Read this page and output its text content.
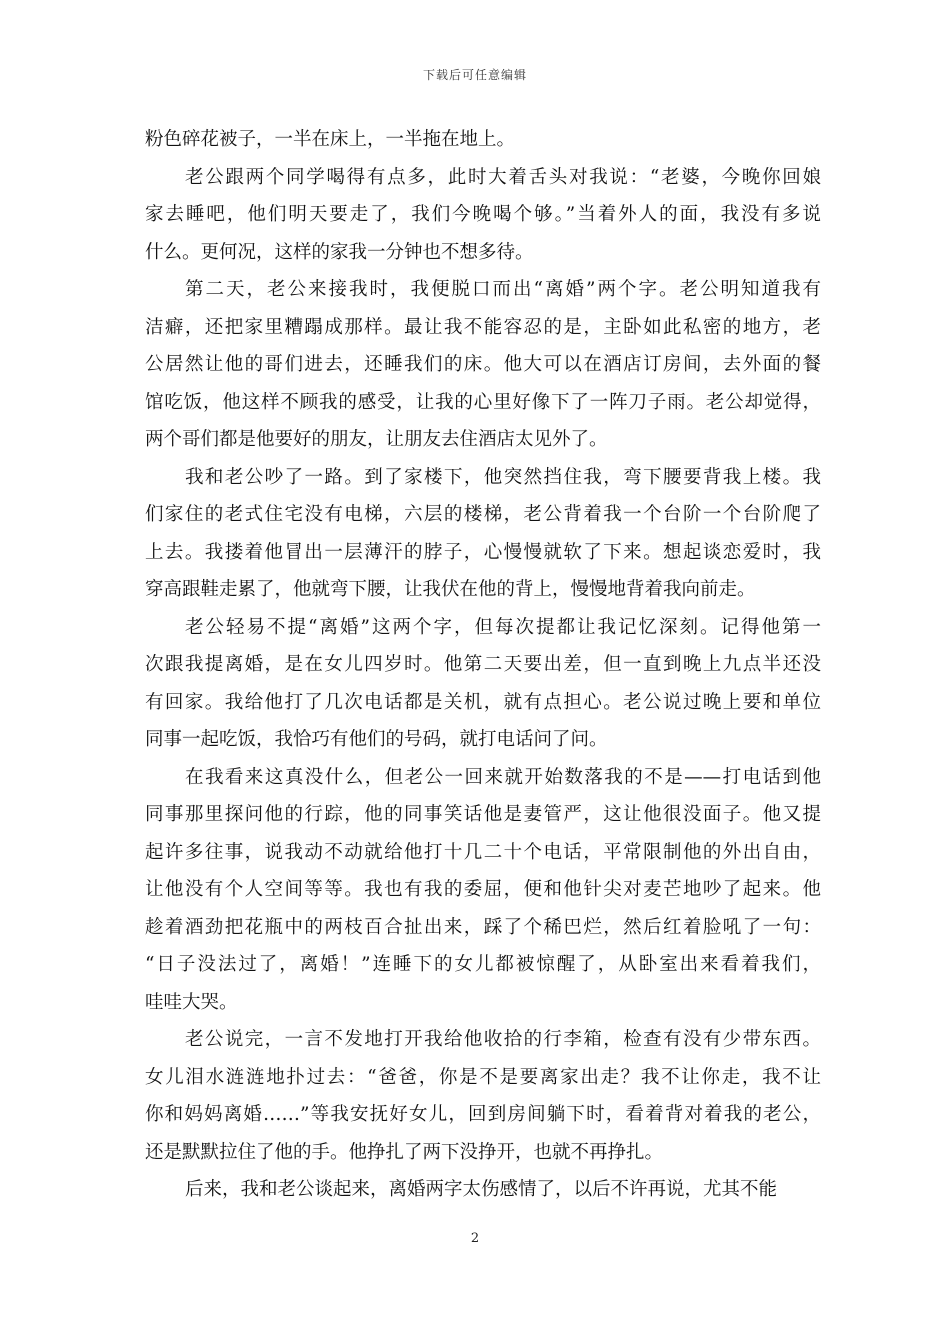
下载后可任意编辑
粉色碎花被子，一半在床上，一半拖在地上。
老公跟两个同学喝得有点多，此时大着舌头对我说：“老婆，今晚你回娘
家去睡吧，他们明天要走了，我们今晚喝个够。”当着外人的面，我没有多说
什么。更何况，这样的家我一分钟也不想多待。
第二天，老公来接我时，我便脱口而出“离婚”两个字。老公明知道我有
洁癖，还把家里糟蹋成那样。最让我不能容忍的是，主卧如此私密的地方，老
公居然让他的哥们进去，还睡我们的床。他大可以在酒店订房间，去外面的餐
馆吃饭，他这样不顾我的感受，让我的心里好像下了一阵刀子雨。老公却觉得，
两个哥们都是他要好的朋友，让朋友去住酒店太见外了。
我和老公吵了一路。到了家楼下，他突然挡住我，弯下腰要背我上楼。我
们家住的老式住宅没有电梯，六层的楼梯，老公背着我一个台阶一个台阶爬了
上去。我搂着他冒出一层薄汗的脖子，心慢慢就软了下来。想起谈恋爱时，我
穿高跟鞋走累了，他就弯下腰，让我伏在他的背上，慢慢地背着我向前走。
老公轻易不提“离婚”这两个字，但每次提都让我记忆深刻。记得他第一
次跟我提离婚，是在女儿四岁时。他第二天要出差，但一直到晚上九点半还没
有回家。我给他打了几次电话都是关机，就有点担心。老公说过晚上要和单位
同事一起吃饭，我恰巧有他们的号码，就打电话问了问。
在我看来这真没什么，但老公一回来就开始数落我的不是——打电话到他
同事那里探问他的行踪，他的同事笑话他是妻管严，这让他很没面子。他又提
起许多往事，说我动不动就给他打十几二十个电话，平常限制他的外出自由，
让他没有个人空间等等。我也有我的委屈，便和他针尖对麦芒地吵了起来。他
趁着酒劲把花瓶中的两枝百合扯出来，踩了个稀巴烂，然后红着脸吼了一句：
“日子没法过了，离婚！”连睡下的女儿都被惊醒了，从卧室出来看着我们，
哇哇大哭。
老公说完，一言不发地打开我给他收拾的行李箱，检查有没有少带东西。
女儿泪水涟涟地扑过去：“爸爸，你是不是要离家出走？我不让你走，我不让
你和妈妈离婚……”等我安抚好女儿，回到房间躺下时，看着背对着我的老公，
还是默默拉住了他的手。他挣扎了两下没挣开，也就不再挣扎。
后来，我和老公谈起来，离婚两字太伤感情了，以后不许再说，尤其不能
2
